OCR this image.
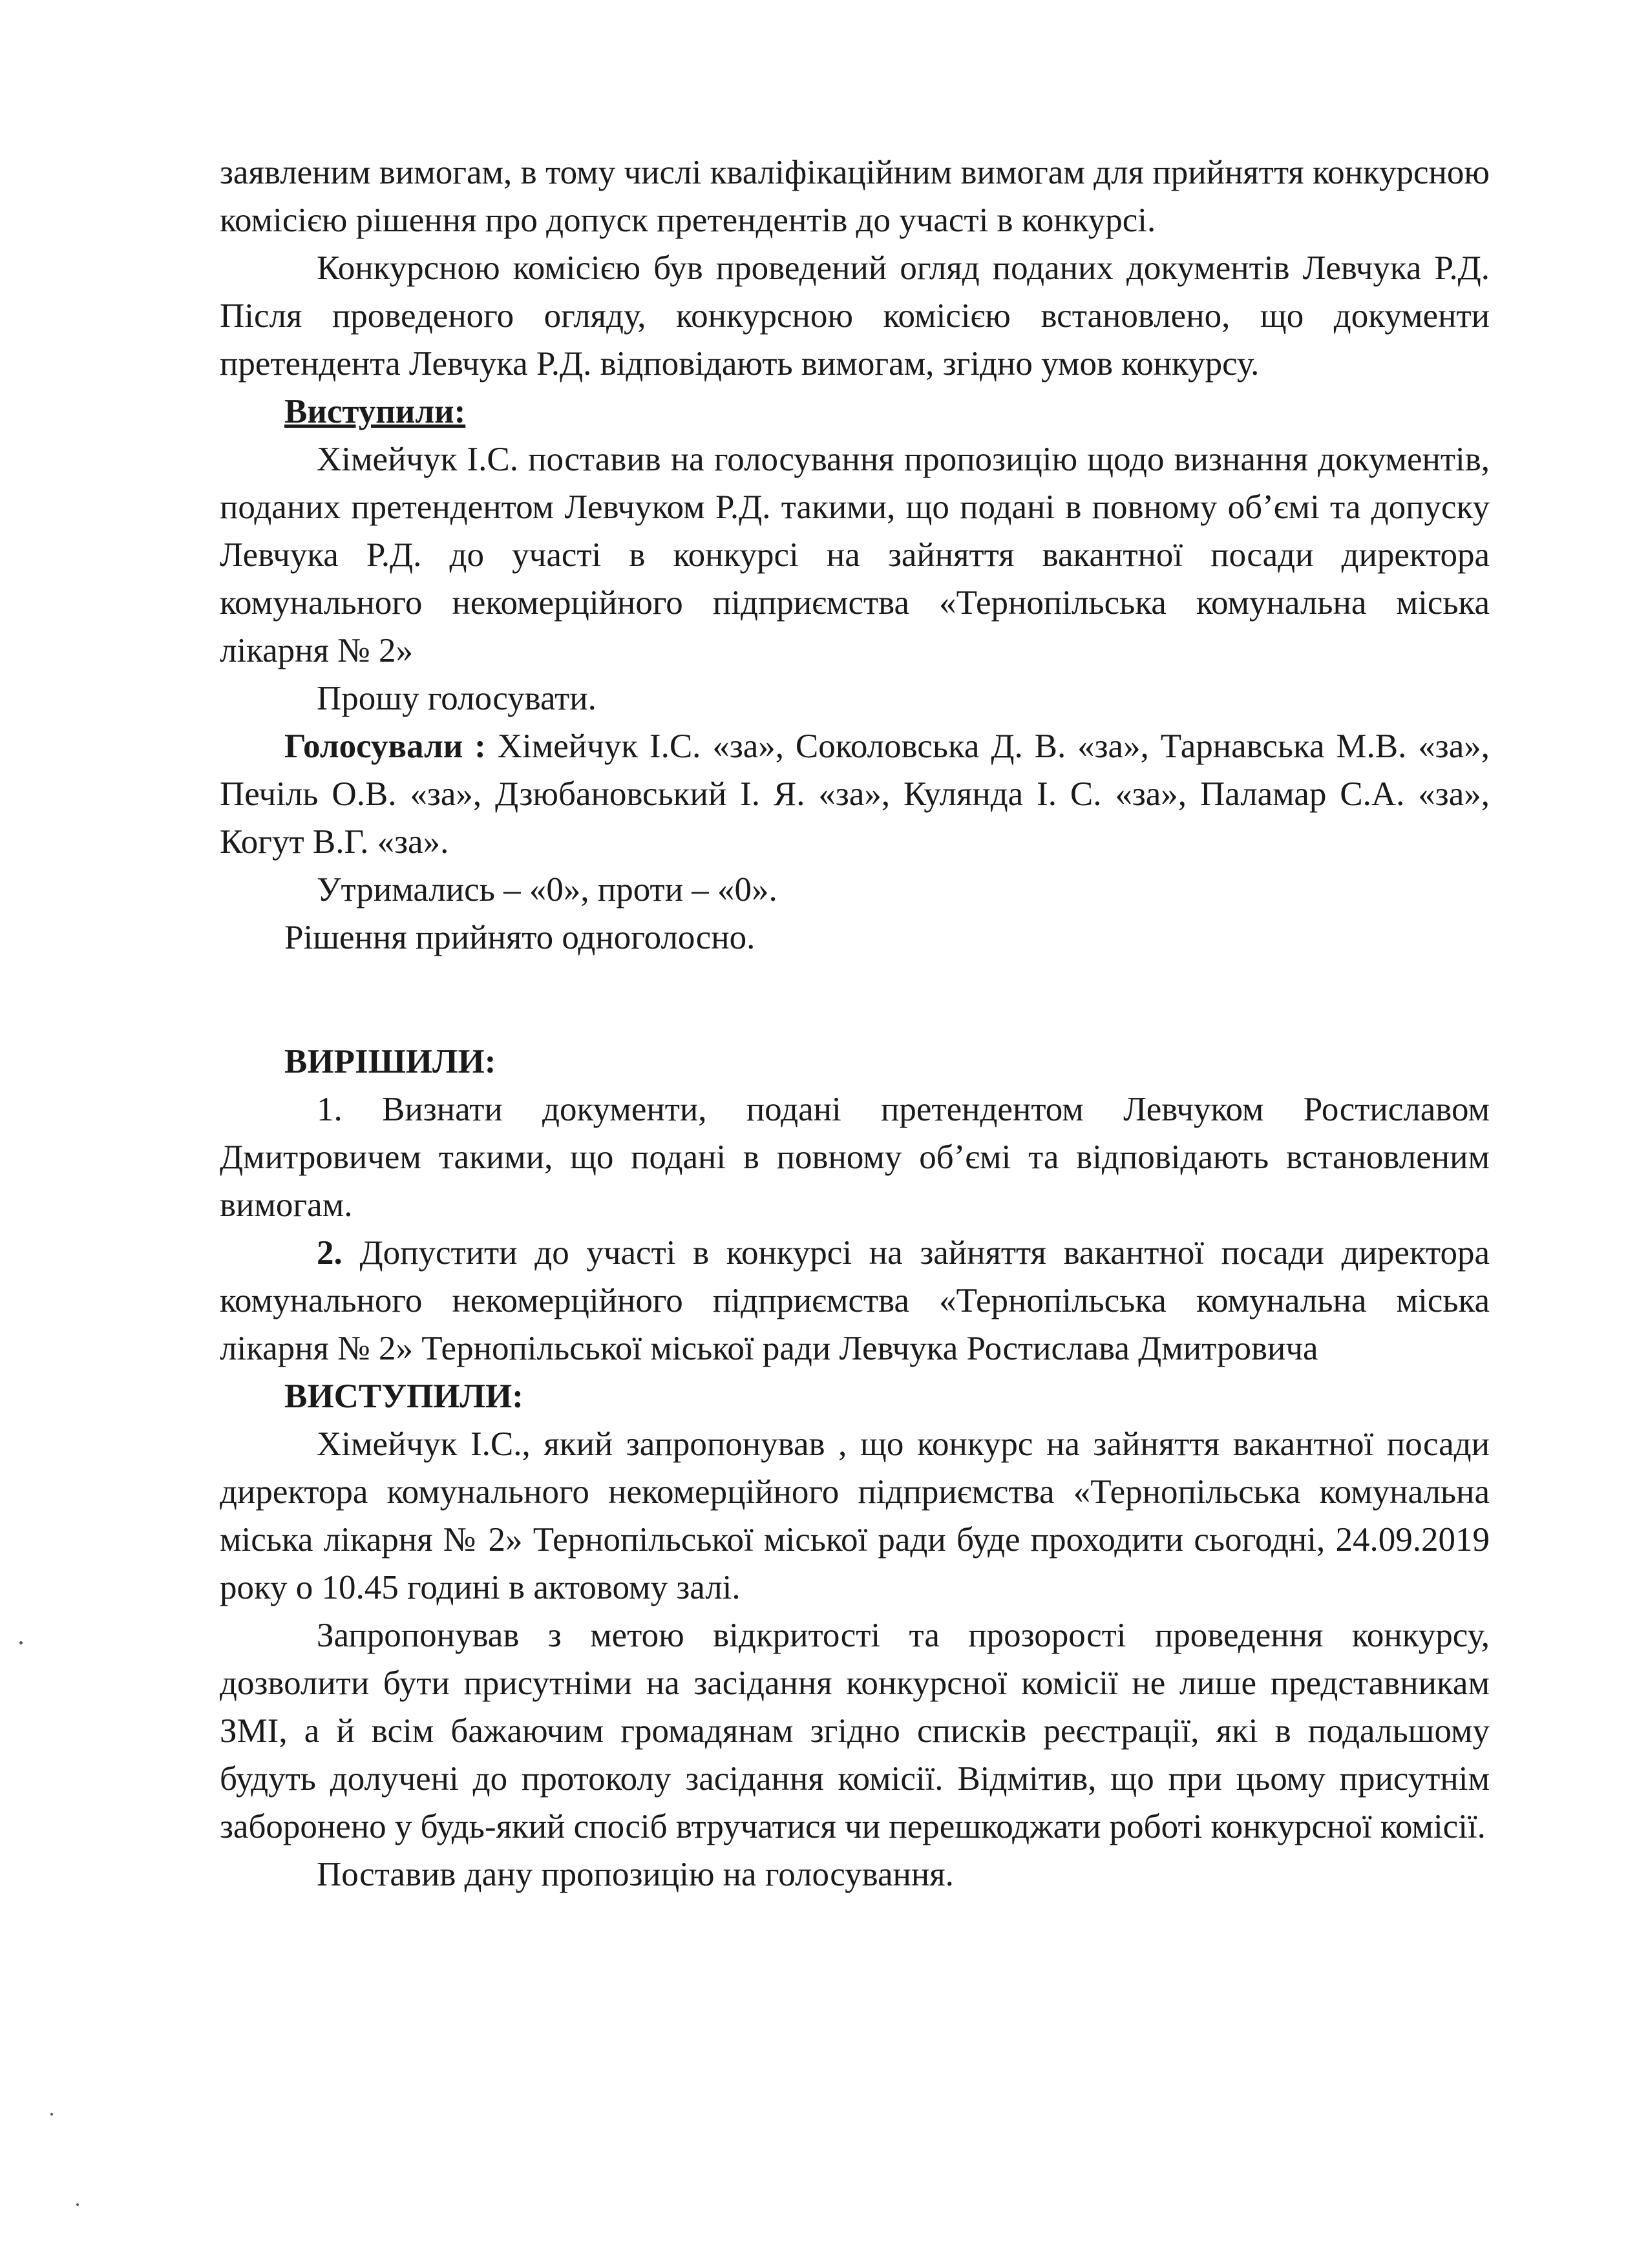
заявленим вимогам, в тому числі кваліфікаційним вимогам для прийняття конкурсною комісією рішення про допуск претендентів до участі в конкурсі.

Конкурсною комісією був проведений огляд поданих документів Левчука Р.Д. Після проведеного огляду, конкурсною комісією встановлено, що документи претендента Левчука Р.Д. відповідають вимогам, згідно умов конкурсу.

Виступили:

Хімейчук І.С. поставив на голосування пропозицію щодо визнання документів, поданих претендентом Левчуком Р.Д. такими, що подані в повному об’ємі та допуску Левчука Р.Д. до участі в конкурсі на зайняття вакантної посади директора комунального некомерційного підприємства «Тернопільська комунальна міська лікарня № 2»

Прошу голосувати.

Голосували : Хімейчук І.С. «за», Соколовська Д. В. «за», Тарнавська М.В. «за», Печіль О.В. «за», Дзюбановський І. Я. «за», Кулянда І. С. «за», Паламар С.А. «за», Когут В.Г. «за».

Утримались – «0», проти – «0».

Рішення прийнято одноголосно.

ВИРІШИЛИ:

1. Визнати документи, подані претендентом Левчуком Ростиславом Дмитровичем такими, що подані в повному об’ємі та відповідають встановленим вимогам.

2. Допустити до участі в конкурсі на зайняття вакантної посади директора комунального некомерційного підприємства «Тернопільська комунальна міська лікарня № 2» Тернопільської міської ради Левчука Ростислава Дмитровича

ВИСТУПИЛИ:

Хімейчук І.С., який запропонував , що конкурс на зайняття вакантної посади директора комунального некомерційного підприємства «Тернопільська комунальна міська лікарня № 2» Тернопільської міської ради буде проходити сьогодні, 24.09.2019 року о 10.45 годині в актовому залі.

Запропонував з метою відкритості та прозорості проведення конкурсу, дозволити бути присутніми на засідання конкурсної комісії не лише представникам ЗМІ, а й всім бажаючим громадянам згідно списків реєстрації, які в подальшому будуть долучені до протоколу засідання комісії. Відмітив, що при цьому присутнім заборонено у будь-який спосіб втручатися чи перешкоджати роботі конкурсної комісії.

Поставив дану пропозицію на голосування.
